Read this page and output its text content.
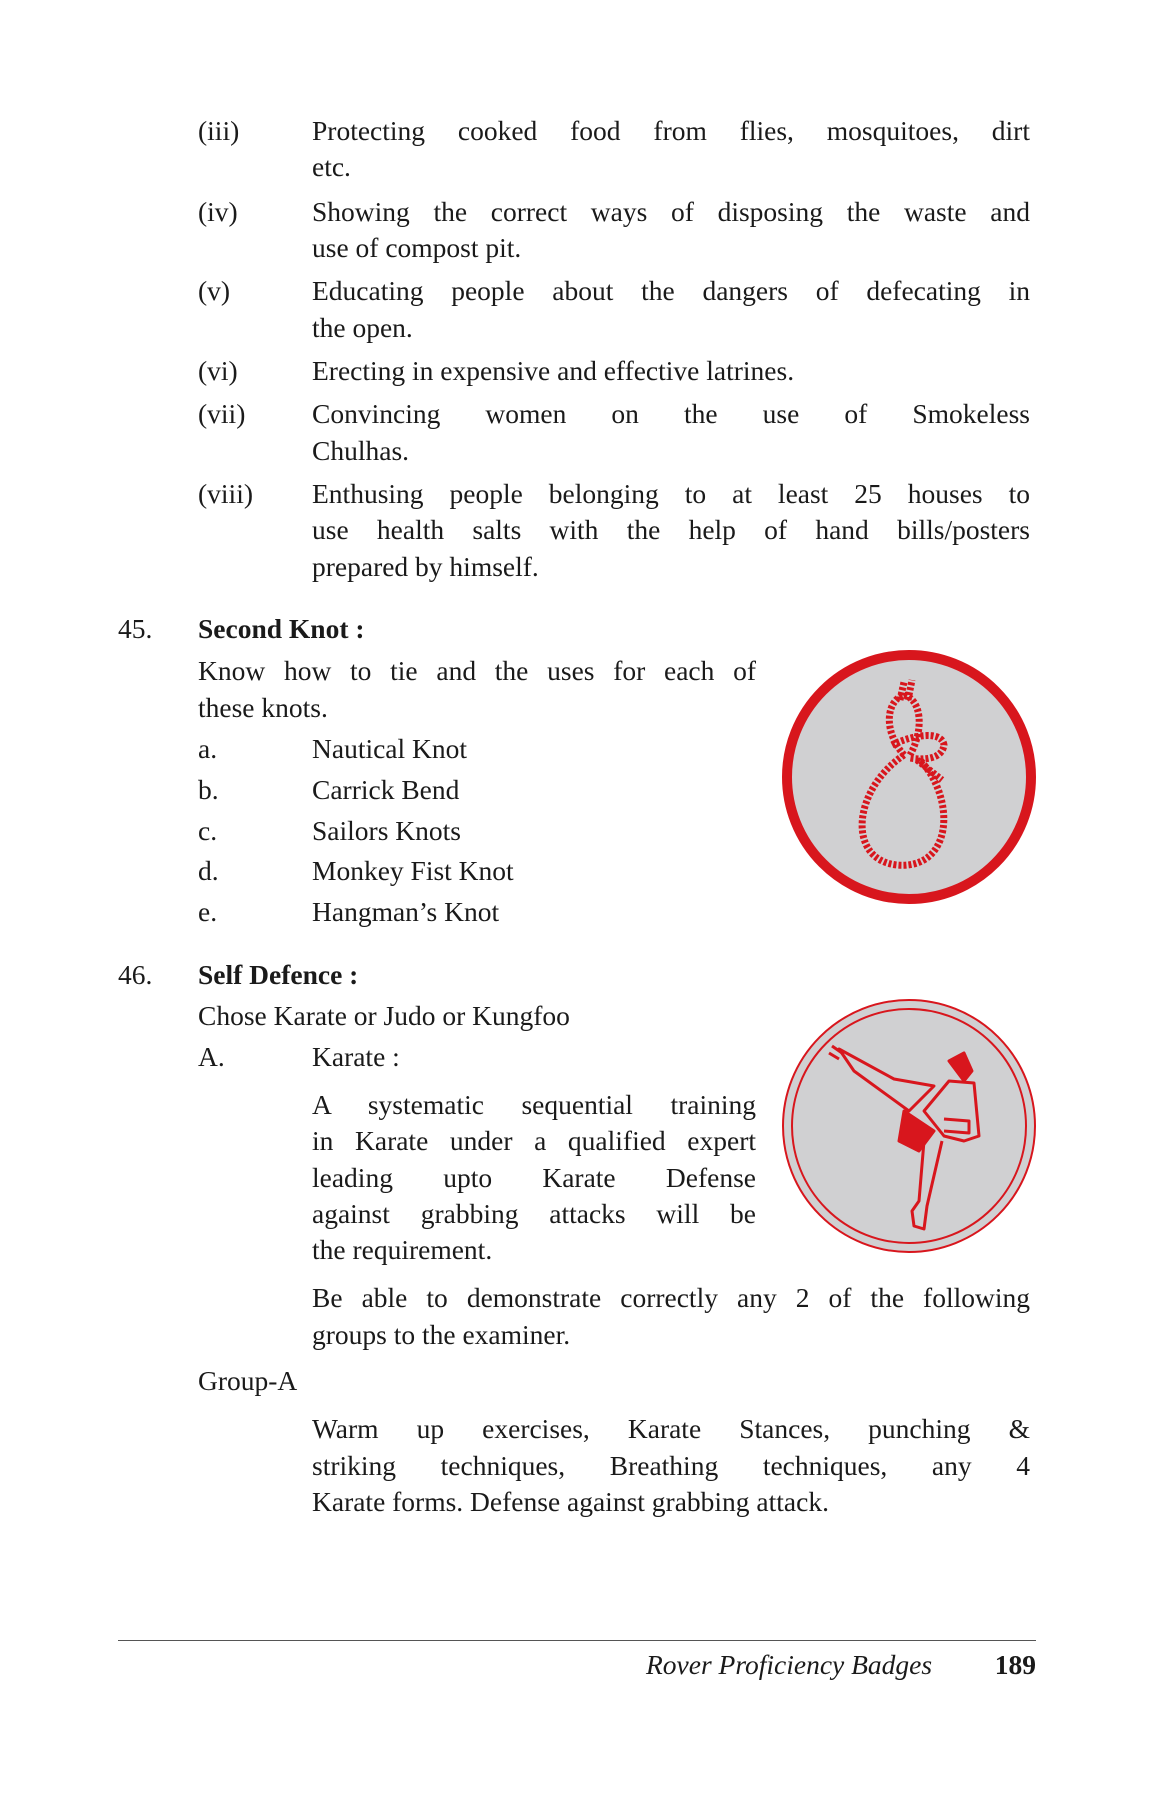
(iii)	Protecting cooked food from flies, mosquitoes, dirt
etc.
(iv)	Showing the correct ways of disposing the waste and
use of compost pit.
(v)	Educating people about the dangers of defecating in
the open.
(vi)	Erecting in expensive and effective latrines.
(vii) Convincing women on the use of Smokeless
Chulhas.
(viii) Enthusing people belonging to at least 25 houses to
use health salts with the help of hand bills/posters
prepared by himself.
45. Second Knot :
Know how to tie and the uses for each of
these knots.
a.	Nautical Knot
b.	Carrick Bend
c.	Sailors Knots
d.	Monkey Fist Knot
e.	Hangman’s Knot
46. Self Defence :
Chose Karate or Judo or Kungfoo
A.	Karate :
A systematic sequential training
in Karate under a qualified expert
leading upto Karate Defense
against grabbing attacks will be
the requirement.
Be able to demonstrate correctly any 2 of the following
groups to the examiner.
Group-A
Warm up exercises, Karate Stances, punching &
striking techniques, Breathing techniques, any 4
Karate forms. Defense against grabbing attack.
Rover Proficiency Badges 189
